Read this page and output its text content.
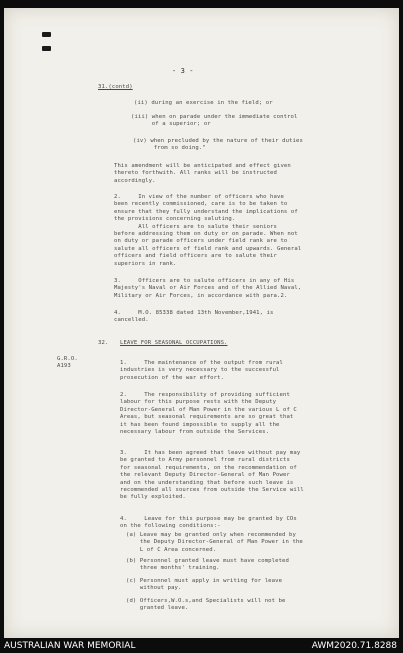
- 3 -
31.(contd)
(ii) during an exercise in the field; or
(iii) when on parade under the immediate control
of a superior; or
(iv) when precluded by the nature of their duties
from so doing."
This amendment will be anticipated and effect given
thereto forthwith. All ranks will be instructed
accordingly.
2.     In view of the number of officers who have
been recently commissioned, care is to be taken to
ensure that they fully understand the implications of
the provisions concerning saluting.
All officers are to salute their seniors
before addressing them on duty or on parade. When not
on duty or parade officers under field rank are to
salute all officers of field rank and upwards. General
officers and field officers are to salute their
superiors in rank.
3.     Officers are to salute officers in any of His
Majesty's Naval or Air Forces and of the Allied Naval,
Military or Air Forces, in accordance with para.2.
4.     M.O. 85338 dated 13th November,1941, is
cancelled.
32. LEAVE FOR SEASONAL OCCUPATIONS.
G.R.O.
A193
1.     The maintenance of the output from rural
industries is very necessary to the successful
prosecution of the war effort.
2.     The responsibility of providing sufficient
labour for this purpose rests with the Deputy
Director-General of Man Power in the various L of C
Areas, but seasonal requirements are so great that
it has been found impossible to supply all the
necessary labour from outside the Services.
3.     It has been agreed that leave without pay may
be granted to Army personnel from rural districts
for seasonal requirements, on the recommendation of
the relevant Deputy Director-General of Man Power
and on the understanding that before such leave is
recommended all sources from outside the Service will
be fully exploited.
4.     Leave for this purpose may be granted by COs
on the following conditions:-
(a) Leave may be granted only when recommended by
the Deputy Director-General of Man Power in the
L of C Area concerned.
(b) Personnel granted leave must have completed
three months' training.
(c) Personnel must apply in writing for leave
without pay.
(d) Officers,W.O.s,and Specialists will not be
granted leave.
AUSTRALIAN WAR MEMORIAL	AWM2020.71.8288
